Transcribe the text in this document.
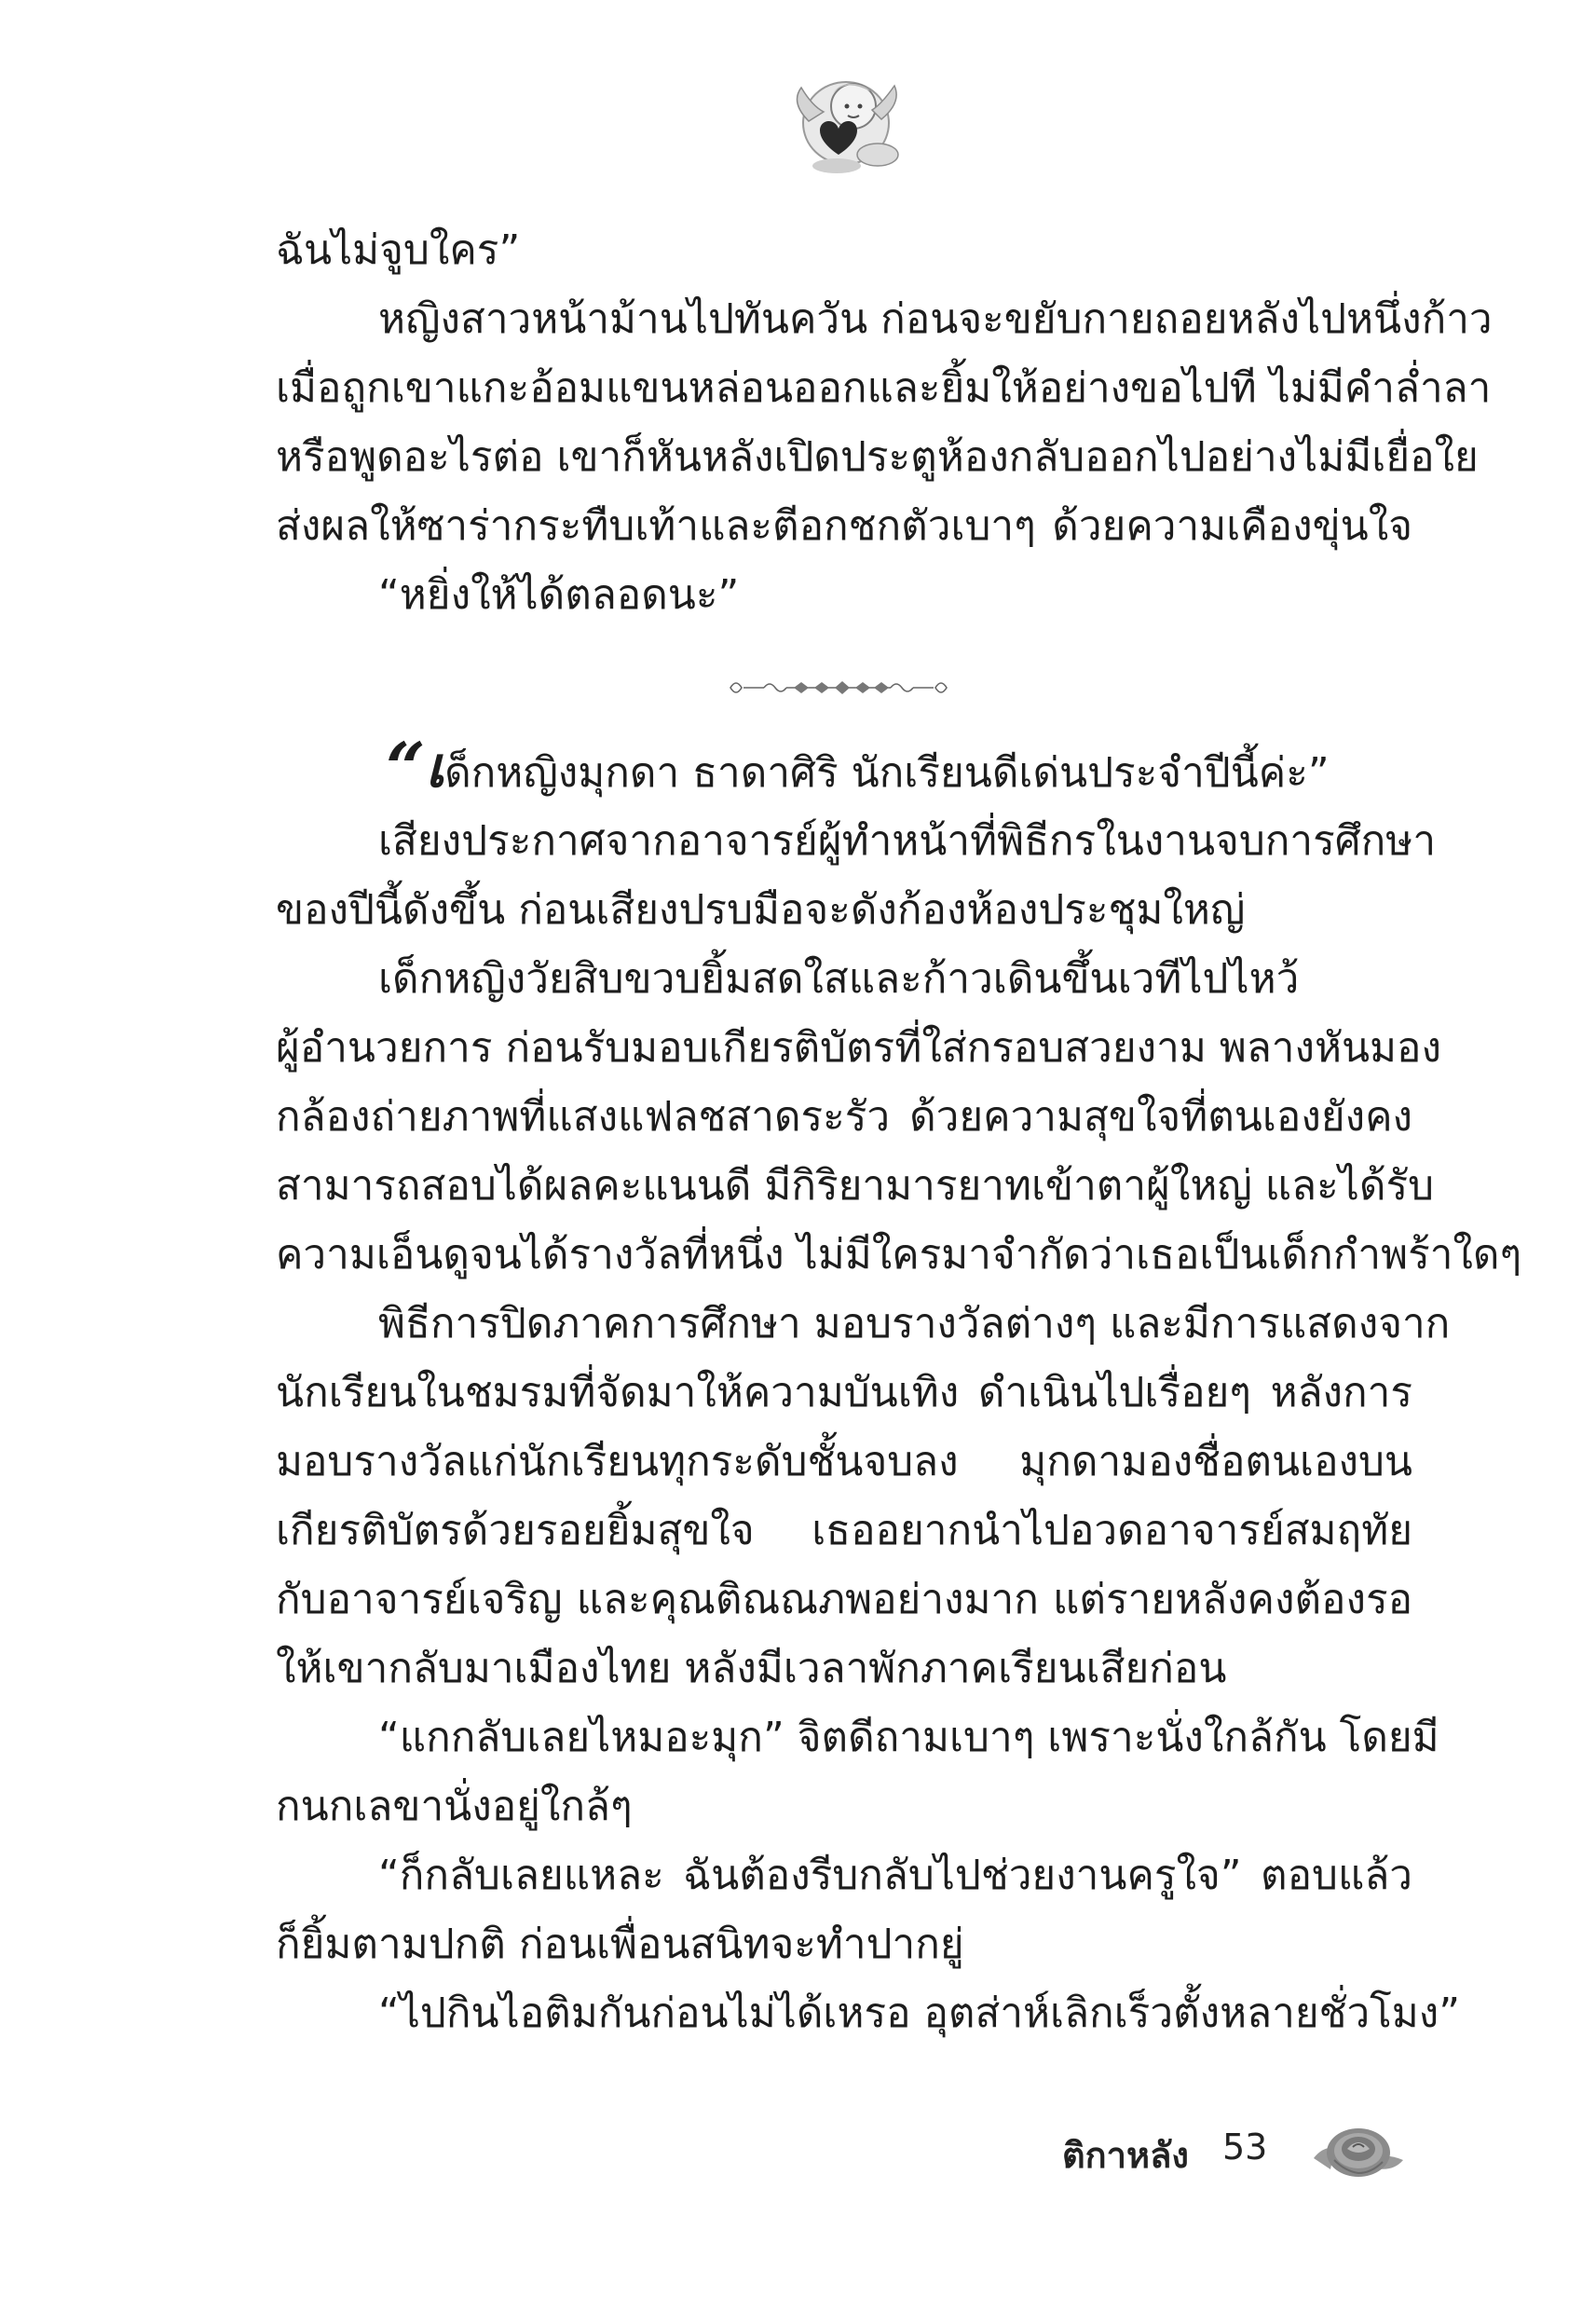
ฉันไม่จูบใคร”
หญิงสาวหน้าม้านไปทันควัน ก่อนจะขยับกายถอยหลังไปหนึ่งก้าว
เมื่อถูกเขาแกะอ้อมแขนหล่อนออกและยิ้มให้อย่างขอไปที ไม่มีคำล่ำลา
หรือพูดอะไรต่อ เขาก็หันหลังเปิดประตูห้องกลับออกไปอย่างไม่มีเยื่อใย
ส่งผลให้ซาร่ากระทืบเท้าและตีอกชกตัวเบาๆ ด้วยความเคืองขุ่นใจ
“หยิ่งให้ได้ตลอดนะ”
“เด็กหญิงมุกดา ธาดาศิริ นักเรียนดีเด่นประจำปีนี้ค่ะ”
เสียงประกาศจากอาจารย์ผู้ทำหน้าที่พิธีกรในงานจบการศึกษา
ของปีนี้ดังขึ้น ก่อนเสียงปรบมือจะดังก้องห้องประชุมใหญ่
เด็กหญิงวัยสิบขวบยิ้มสดใสและก้าวเดินขึ้นเวทีไปไหว้
ผู้อำนวยการ ก่อนรับมอบเกียรติบัตรที่ใส่กรอบสวยงาม พลางหันมอง
กล้องถ่ายภาพที่แสงแฟลชสาดระรัว ด้วยความสุขใจที่ตนเองยังคง
สามารถสอบได้ผลคะแนนดี มีกิริยามารยาทเข้าตาผู้ใหญ่ และได้รับ
ความเอ็นดูจนได้รางวัลที่หนึ่ง ไม่มีใครมาจำกัดว่าเธอเป็นเด็กกำพร้าใดๆ
พิธีการปิดภาคการศึกษา มอบรางวัลต่างๆ และมีการแสดงจาก
นักเรียนในชมรมที่จัดมาให้ความบันเทิง ดำเนินไปเรื่อยๆ หลังการ
มอบรางวัลแก่นักเรียนทุกระดับชั้นจบลง มุกดามองชื่อตนเองบน
เกียรติบัตรด้วยรอยยิ้มสุขใจ เธออยากนำไปอวดอาจารย์สมฤทัย
กับอาจารย์เจริญ และคุณติณณภพอย่างมาก แต่รายหลังคงต้องรอ
ให้เขากลับมาเมืองไทย หลังมีเวลาพักภาคเรียนเสียก่อน
“แกกลับเลยไหมอะมุก” จิตดีถามเบาๆ เพราะนั่งใกล้กัน โดยมี
กนกเลขานั่งอยู่ใกล้ๆ
“ก็กลับเลยแหละ ฉันต้องรีบกลับไปช่วยงานครูใจ” ตอบแล้ว
ก็ยิ้มตามปกติ ก่อนเพื่อนสนิทจะทำปากยู่
“ไปกินไอติมกันก่อนไม่ได้เหรอ อุตส่าห์เลิกเร็วตั้งหลายชั่วโมง”
ติกาหลัง 53
